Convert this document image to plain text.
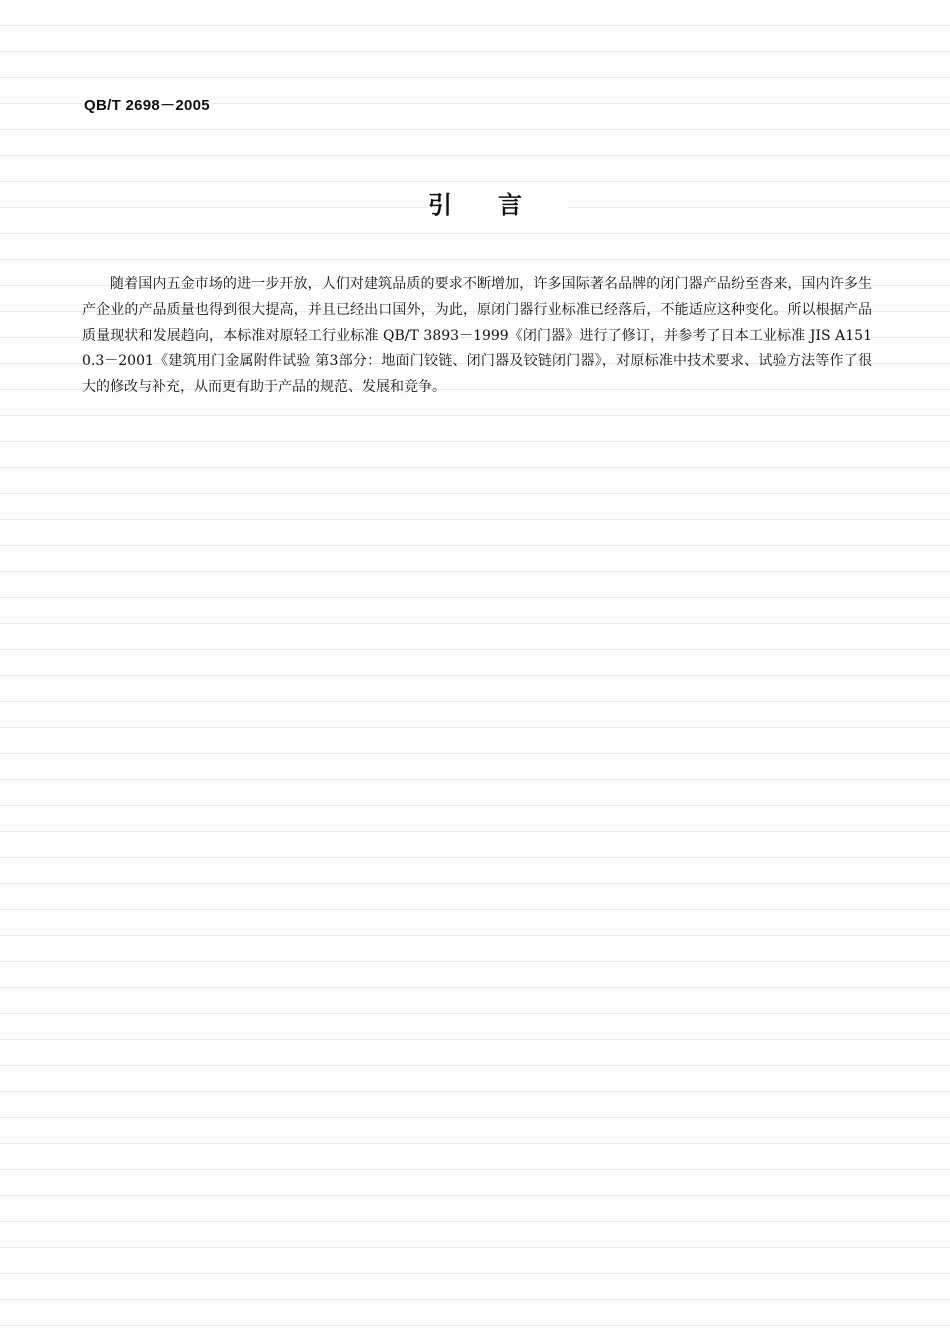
QB/T 2698－2005
引言

随着国内五金市场的进一步开放，人们对建筑品质的要求不断增加，许多国际著名品牌的闭门器产品纷至沓来，国内许多生产企业的产品质量也得到很大提高，并且已经出口国外，为此，原闭门器行业标准已经落后，不能适应这种变化。所以根据产品质量现状和发展趋向，本标准对原轻工行业标准 QB/T 3893－1999《闭门器》进行了修订，并参考了日本工业标准 JIS A1510.3－2001《建筑用门金属附件试验 第3部分：地面门铰链、闭门器及铰链闭门器》，对原标准中技术要求、试验方法等作了很大的修改与补充，从而更有助于产品的规范、发展和竞争。
